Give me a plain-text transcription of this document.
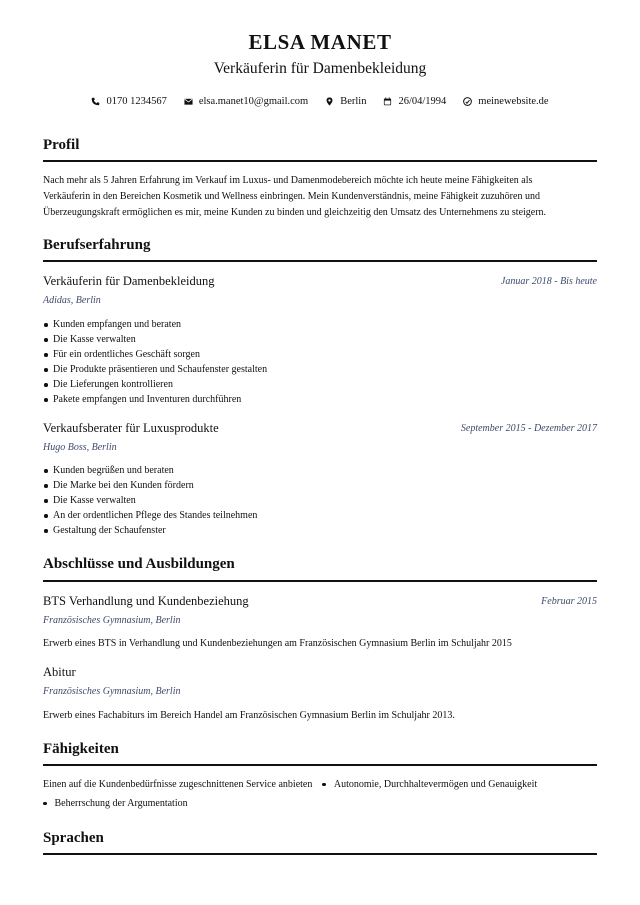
ELSA MANET
Verkäuferin für Damenbekleidung
0170 1234567	elsa.manet10@gmail.com	Berlin	26/04/1994	meinewebsite.de
Profil
Nach mehr als 5 Jahren Erfahrung im Verkauf im Luxus- und Damenmodebereich möchte ich heute meine Fähigkeiten als
Verkäuferin in den Bereichen Kosmetik und Wellness einbringen. Mein Kundenverständnis, meine Fähigkeit zuzuhören und
Überzeugungskraft ermöglichen es mir, meine Kunden zu binden und gleichzeitig den Umsatz des Unternehmens zu steigern.
Berufserfahrung
Verkäuferin für Damenbekleidung	Januar 2018 - Bis heute
Adidas, Berlin
Kunden empfangen und beraten
Die Kasse verwalten
Für ein ordentliches Geschäft sorgen
Die Produkte präsentieren und Schaufenster gestalten
Die Lieferungen kontrollieren
Pakete empfangen und Inventuren durchführen
Verkaufsberater für Luxusprodukte	September 2015 - Dezember 2017
Hugo Boss, Berlin
Kunden begrüßen und beraten
Die Marke bei den Kunden fördern
Die Kasse verwalten
An der ordentlichen Pflege des Standes teilnehmen
Gestaltung der Schaufenster
Abschlüsse und Ausbildungen
BTS Verhandlung und Kundenbeziehung	Februar 2015
Französisches Gymnasium, Berlin
Erwerb eines BTS in Verhandlung und Kundenbeziehungen am Französischen Gymnasium Berlin im Schuljahr 2015
Abitur
Französisches Gymnasium, Berlin
Erwerb eines Fachabiturs im Bereich Handel am Französischen Gymnasium Berlin im Schuljahr 2013.
Fähigkeiten
Einen auf die Kundenbedürfnisse zugeschnittenen Service anbieten Autonomie, Durchhaltevermögen und Genauigkeit
Beherrschung der Argumentation
Sprachen
